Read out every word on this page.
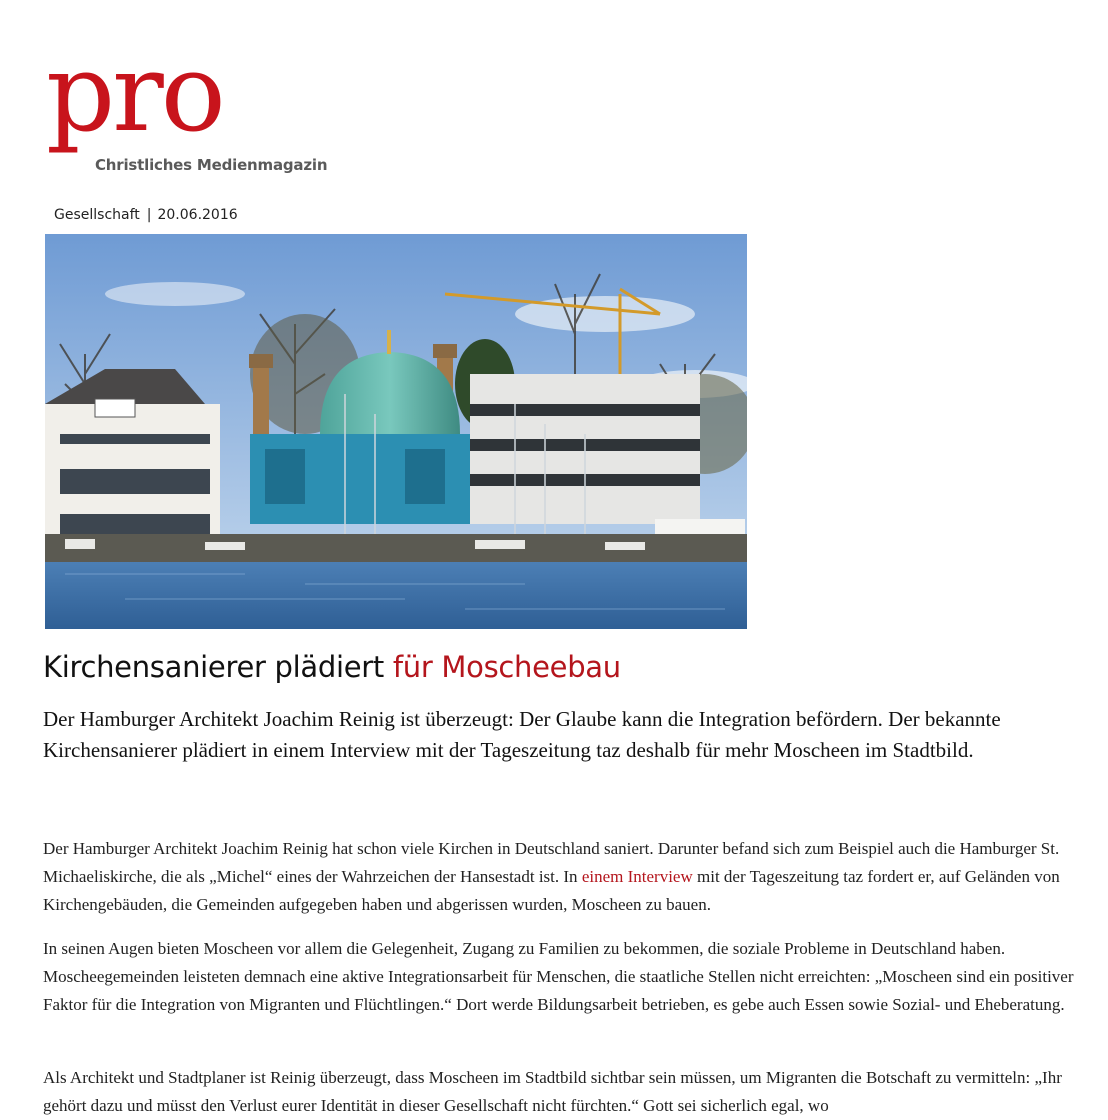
pro
Christliches Medienmagazin
Gesellschaft | 20.06.2016
Kirchensanierer plädiert für Moscheebau

Der Hamburger Architekt Joachim Reinig ist überzeugt: Der Glaube kann die Integration befördern. Der bekannte Kirchensanierer plädiert in einem Interview mit der Tageszeitung taz deshalb für mehr Moscheen im Stadtbild.

Der Hamburger Architekt Joachim Reinig hat schon viele Kirchen in Deutschland saniert. Darunter befand sich zum Beispiel auch die Hamburger St. Michaeliskirche, die als „Michel“ eines der Wahrzeichen der Hansestadt ist. In einem Interview mit der Tageszeitung taz fordert er, auf Geländen von Kirchengebäuden, die Gemeinden aufgegeben haben und abgerissen wurden, Moscheen zu bauen.

In seinen Augen bieten Moscheen vor allem die Gelegenheit, Zugang zu Familien zu bekommen, die soziale Probleme in Deutschland haben. Moscheegemeinden leisteten demnach eine aktive Integrationsarbeit für Menschen, die staatliche Stellen nicht erreichten: „Moscheen sind ein positiver Faktor für die Integration von Migranten und Flüchtlingen.“ Dort werde Bildungsarbeit betrieben, es gebe auch Essen sowie Sozial- und Eheberatung.

Als Architekt und Stadtplaner ist Reinig überzeugt, dass Moscheen im Stadtbild sichtbar sein müssen, um Migranten die Botschaft zu vermitteln: „Ihr gehört dazu und müsst den Verlust eurer Identität in dieser Gesellschaft nicht fürchten.“ Gott sei sicherlich egal, wo
